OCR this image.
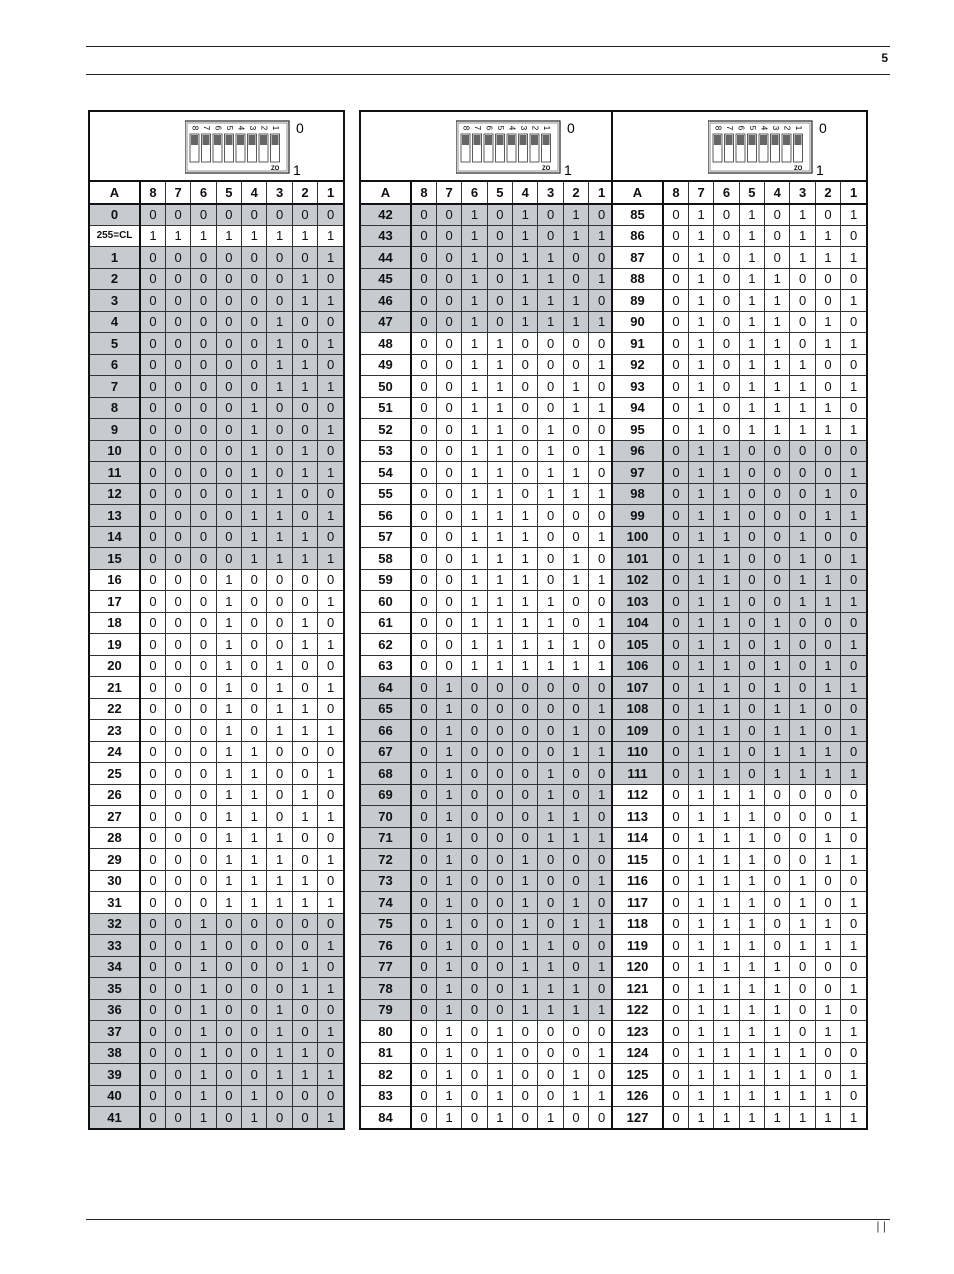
5
8 7 6 5 4 3 2 1
ZO
0
1
A	8	7	6	5	4	3	2	1
0	0	0	0	0	0	0	0	0
255=CL	1	1	1	1	1	1	1	1
1	0	0	0	0	0	0	0	1
2	0	0	0	0	0	0	1	0
3	0	0	0	0	0	0	1	1
4	0	0	0	0	0	1	0	0
5	0	0	0	0	0	1	0	1
6	0	0	0	0	0	1	1	0
7	0	0	0	0	0	1	1	1
8	0	0	0	0	1	0	0	0
9	0	0	0	0	1	0	0	1
10	0	0	0	0	1	0	1	0
11	0	0	0	0	1	0	1	1
12	0	0	0	0	1	1	0	0
13	0	0	0	0	1	1	0	1
14	0	0	0	0	1	1	1	0
15	0	0	0	0	1	1	1	1
16	0	0	0	1	0	0	0	0
17	0	0	0	1	0	0	0	1
18	0	0	0	1	0	0	1	0
19	0	0	0	1	0	0	1	1
20	0	0	0	1	0	1	0	0
21	0	0	0	1	0	1	0	1
22	0	0	0	1	0	1	1	0
23	0	0	0	1	0	1	1	1
24	0	0	0	1	1	0	0	0
25	0	0	0	1	1	0	0	1
26	0	0	0	1	1	0	1	0
27	0	0	0	1	1	0	1	1
28	0	0	0	1	1	1	0	0
29	0	0	0	1	1	1	0	1
30	0	0	0	1	1	1	1	0
31	0	0	0	1	1	1	1	1
32	0	0	1	0	0	0	0	0
33	0	0	1	0	0	0	0	1
34	0	0	1	0	0	0	1	0
35	0	0	1	0	0	0	1	1
36	0	0	1	0	0	1	0	0
37	0	0	1	0	0	1	0	1
38	0	0	1	0	0	1	1	0
39	0	0	1	0	0	1	1	1
40	0	0	1	0	1	0	0	0
41	0	0	1	0	1	0	0	1
8 7 6 5 4 3 2 1
ZO
0
1
A	8	7	6	5	4	3	2	1
42	0	0	1	0	1	0	1	0
43	0	0	1	0	1	0	1	1
44	0	0	1	0	1	1	0	0
45	0	0	1	0	1	1	0	1
46	0	0	1	0	1	1	1	0
47	0	0	1	0	1	1	1	1
48	0	0	1	1	0	0	0	0
49	0	0	1	1	0	0	0	1
50	0	0	1	1	0	0	1	0
51	0	0	1	1	0	0	1	1
52	0	0	1	1	0	1	0	0
53	0	0	1	1	0	1	0	1
54	0	0	1	1	0	1	1	0
55	0	0	1	1	0	1	1	1
56	0	0	1	1	1	0	0	0
57	0	0	1	1	1	0	0	1
58	0	0	1	1	1	0	1	0
59	0	0	1	1	1	0	1	1
60	0	0	1	1	1	1	0	0
61	0	0	1	1	1	1	0	1
62	0	0	1	1	1	1	1	0
63	0	0	1	1	1	1	1	1
64	0	1	0	0	0	0	0	0
65	0	1	0	0	0	0	0	1
66	0	1	0	0	0	0	1	0
67	0	1	0	0	0	0	1	1
68	0	1	0	0	0	1	0	0
69	0	1	0	0	0	1	0	1
70	0	1	0	0	0	1	1	0
71	0	1	0	0	0	1	1	1
72	0	1	0	0	1	0	0	0
73	0	1	0	0	1	0	0	1
74	0	1	0	0	1	0	1	0
75	0	1	0	0	1	0	1	1
76	0	1	0	0	1	1	0	0
77	0	1	0	0	1	1	0	1
78	0	1	0	0	1	1	1	0
79	0	1	0	0	1	1	1	1
80	0	1	0	1	0	0	0	0
81	0	1	0	1	0	0	0	1
82	0	1	0	1	0	0	1	0
83	0	1	0	1	0	0	1	1
84	0	1	0	1	0	1	0	0
8 7 6 5 4 3 2 1
ZO
0
1
A	8	7	6	5	4	3	2	1
85	0	1	0	1	0	1	0	1
86	0	1	0	1	0	1	1	0
87	0	1	0	1	0	1	1	1
88	0	1	0	1	1	0	0	0
89	0	1	0	1	1	0	0	1
90	0	1	0	1	1	0	1	0
91	0	1	0	1	1	0	1	1
92	0	1	0	1	1	1	0	0
93	0	1	0	1	1	1	0	1
94	0	1	0	1	1	1	1	0
95	0	1	0	1	1	1	1	1
96	0	1	1	0	0	0	0	0
97	0	1	1	0	0	0	0	1
98	0	1	1	0	0	0	1	0
99	0	1	1	0	0	0	1	1
100	0	1	1	0	0	1	0	0
101	0	1	1	0	0	1	0	1
102	0	1	1	0	0	1	1	0
103	0	1	1	0	0	1	1	1
104	0	1	1	0	1	0	0	0
105	0	1	1	0	1	0	0	1
106	0	1	1	0	1	0	1	0
107	0	1	1	0	1	0	1	1
108	0	1	1	0	1	1	0	0
109	0	1	1	0	1	1	0	1
110	0	1	1	0	1	1	1	0
111	0	1	1	0	1	1	1	1
112	0	1	1	1	0	0	0	0
113	0	1	1	1	0	0	0	1
114	0	1	1	1	0	0	1	0
115	0	1	1	1	0	0	1	1
116	0	1	1	1	0	1	0	0
117	0	1	1	1	0	1	0	1
118	0	1	1	1	0	1	1	0
119	0	1	1	1	0	1	1	1
120	0	1	1	1	1	0	0	0
121	0	1	1	1	1	0	0	1
122	0	1	1	1	1	0	1	0
123	0	1	1	1	1	0	1	1
124	0	1	1	1	1	1	0	0
125	0	1	1	1	1	1	0	1
126	0	1	1	1	1	1	1	0
127	0	1	1	1	1	1	1	1
| |
